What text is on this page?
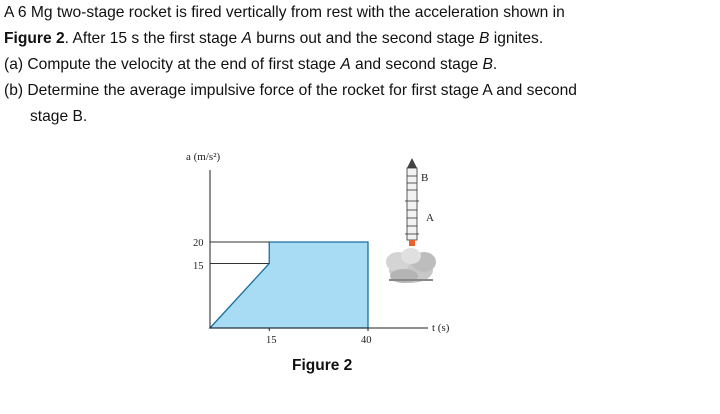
A 6 Mg two-stage rocket is fired vertically from rest with the acceleration shown in
Figure 2. After 15 s the first stage A burns out and the second stage B ignites.
(a) Compute the velocity at the end of first stage A and second stage B.
(b) Determine the average impulsive force of the rocket for first stage A and second
stage B.
a (m/s²)
t (s)
20
15
15	40
B
A
Figure 2
